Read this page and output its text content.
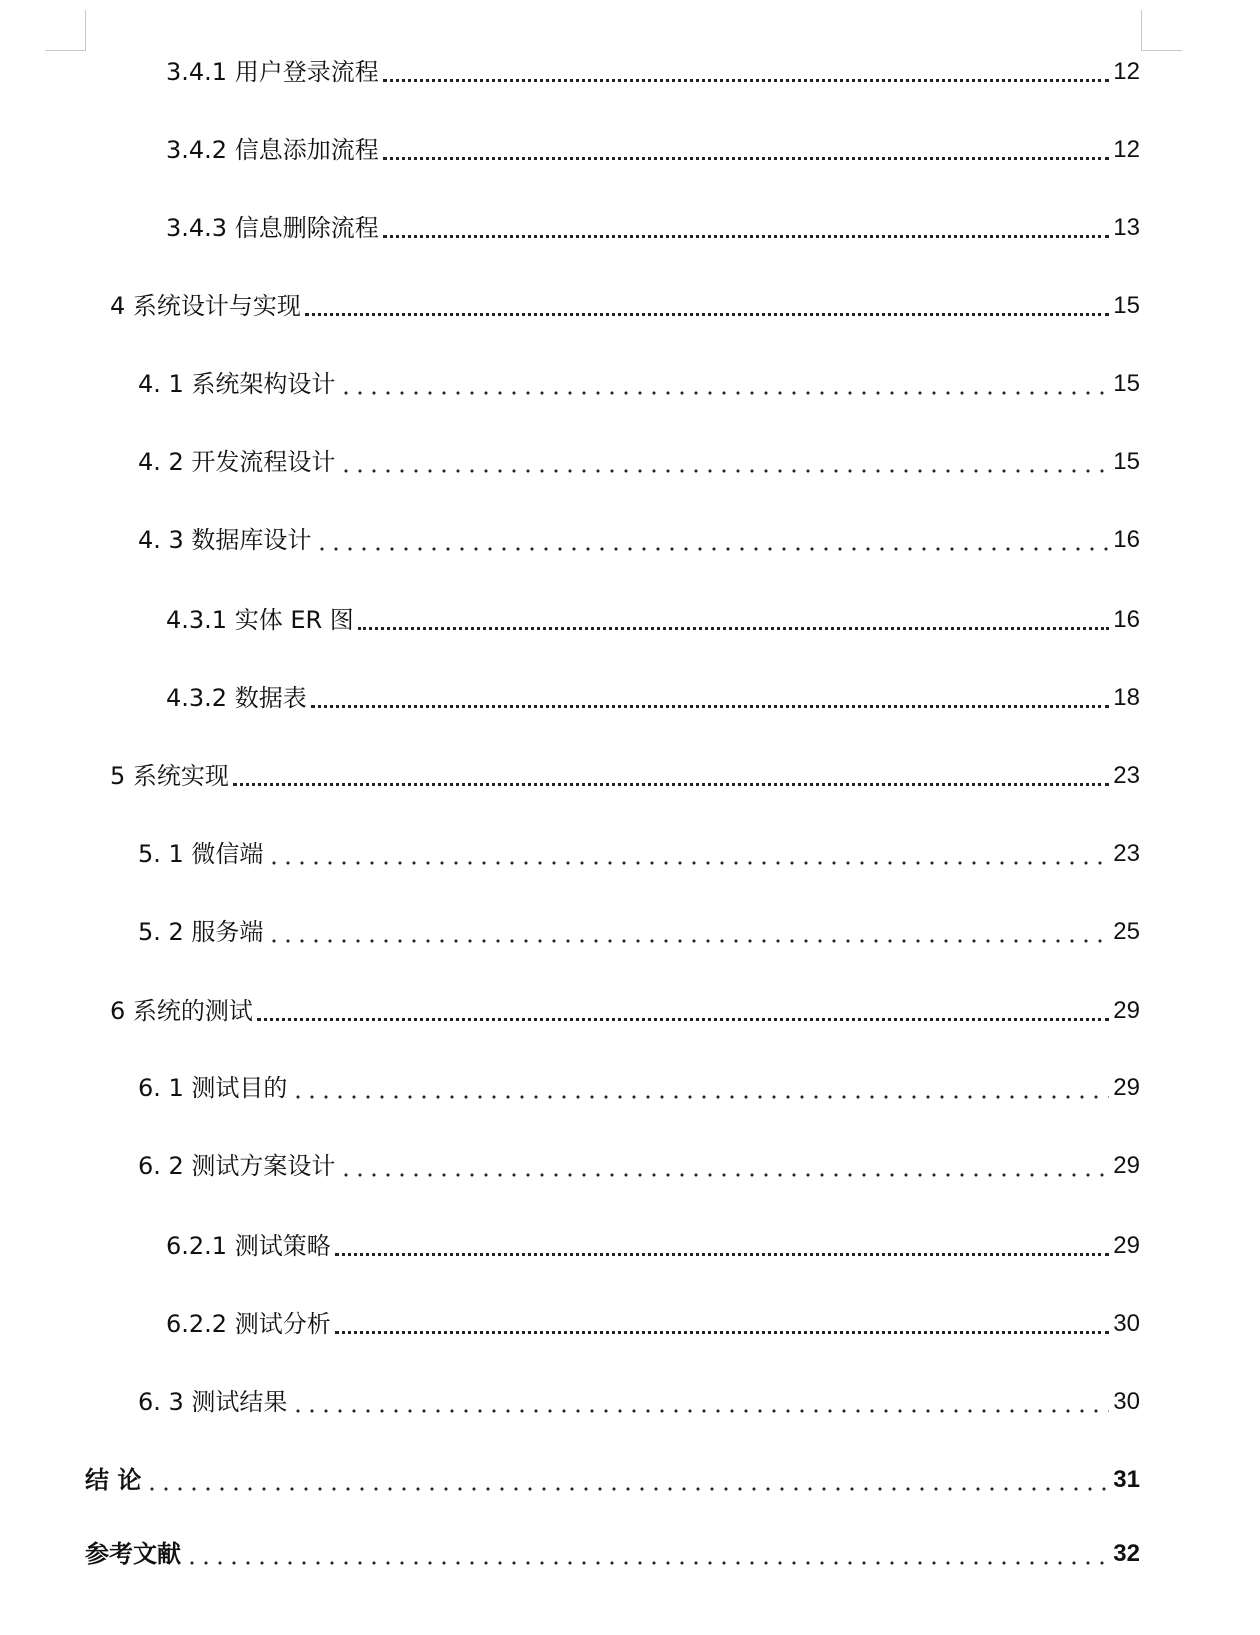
3.4.1 用户登录流程	12
3.4.2 信息添加流程	12
3.4.3 信息删除流程	13
4 系统设计与实现	15
4. 1 系统架构设计	15
4. 2 开发流程设计	15
4. 3 数据库设计	16
4.3.1 实体 ER 图	16
4.3.2 数据表	18
5 系统实现	23
5. 1 微信端	23
5. 2 服务端	25
6 系统的测试	29
6. 1 测试目的	29
6. 2 测试方案设计	29
6.2.1 测试策略	29
6.2.2 测试分析	30
6. 3 测试结果	30
结 论	31
参考文献	32
